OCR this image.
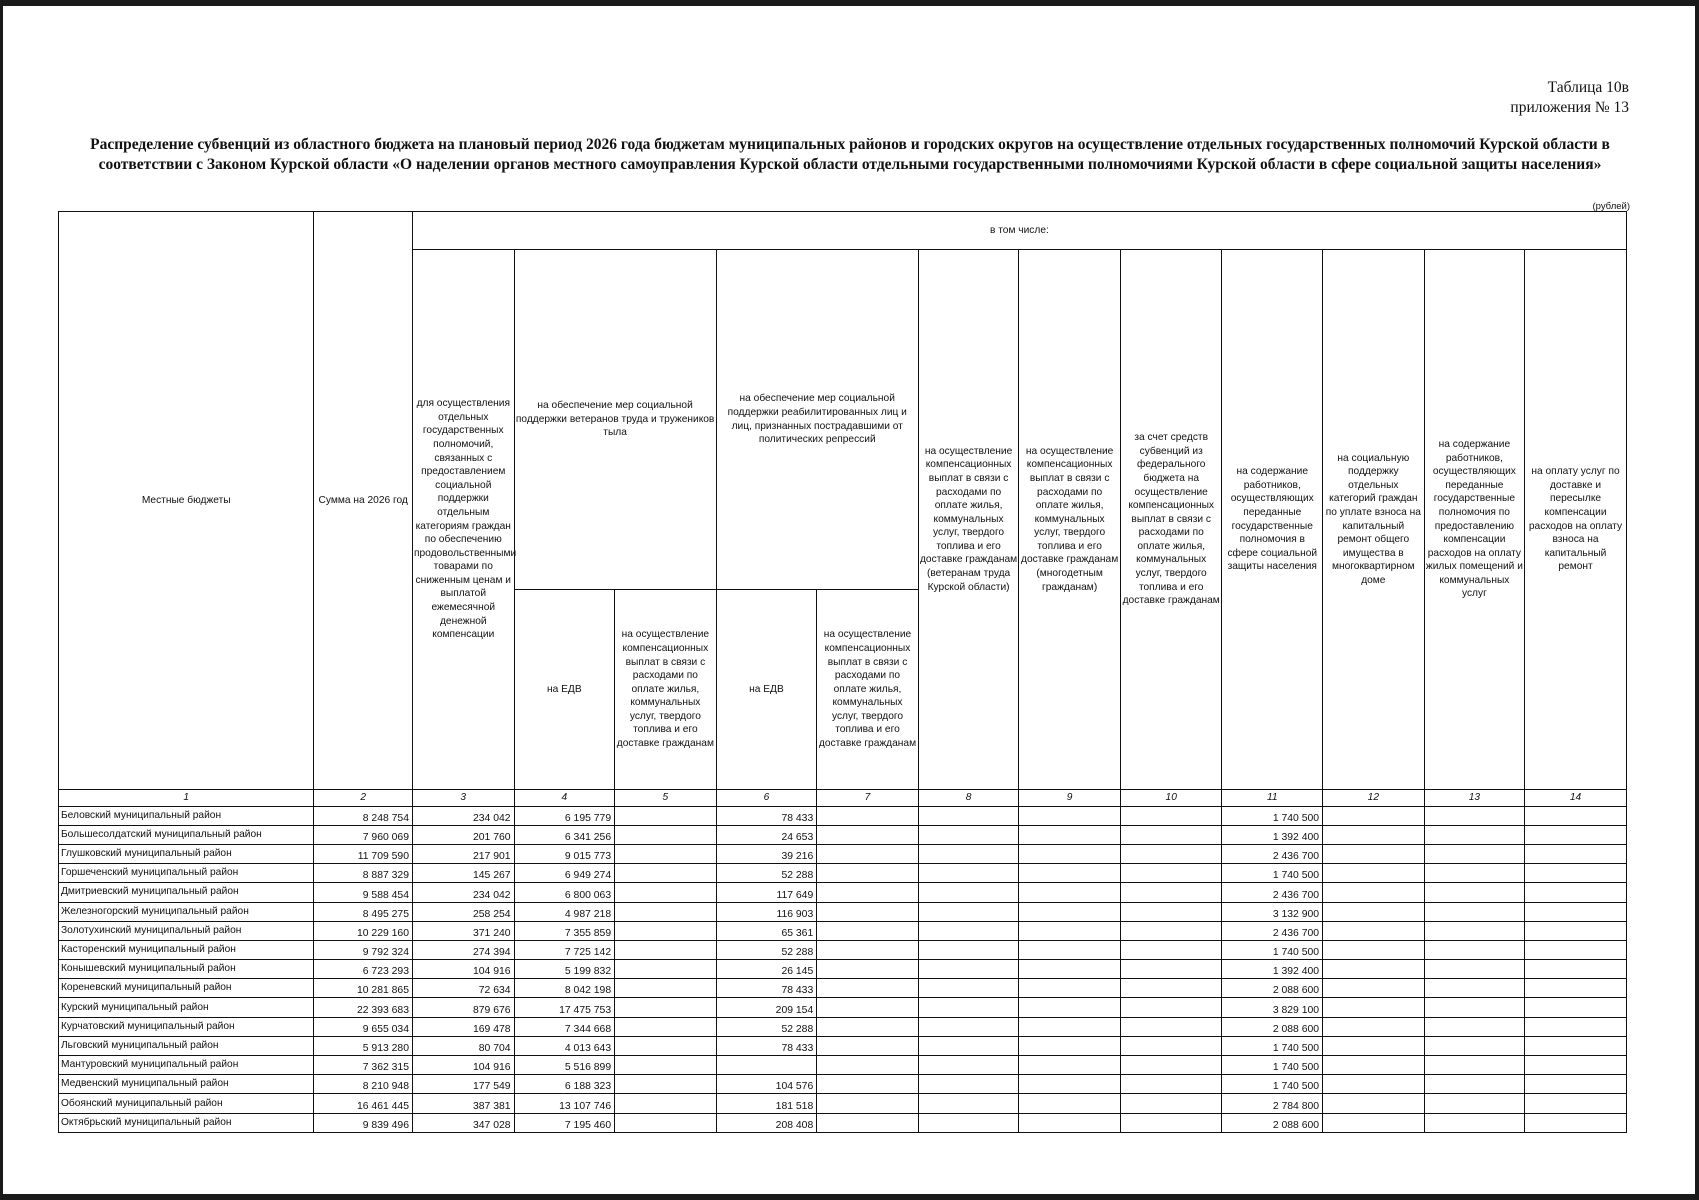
Таблица 10в
приложения № 13
Распределение субвенций из областного бюджета на плановый период 2026 года бюджетам муниципальных районов и городских округов на осуществление отдельных государственных полномочий Курской области в соответствии с Законом Курской области «О наделении органов местного самоуправления Курской области отдельными государственными полномочиями Курской области в сфере социальной защиты населения»
(рублей)
Местные бюджеты	Сумма на 2026 год	в том числе:											
		для осуществления отдельных государственных полномочий, связанных с предоставлением социальной поддержки отдельным категориям граждан по обеспечению продовольственными товарами по сниженным ценам и выплатой ежемесячной денежной компенсации	на обеспечение мер социальной поддержки ветеранов труда и тружеников тыла		на обеспечение мер социальной поддержки реабилитированных лиц и лиц, признанных пострадавшими от политических репрессий		на осуществление компенсационных выплат в связи с расходами по оплате жилья, коммунальных услуг, твердого топлива и его доставке гражданам (ветеранам труда Курской области)	на осуществление компенсационных выплат в связи с расходами по оплате жилья, коммунальных услуг, твердого топлива и его доставке гражданам (многодетным гражданам)	за счет средств субвенций из федерального бюджета на осуществление компенсационных выплат в связи с расходами по оплате жилья, коммунальных услуг, твердого топлива и его доставке гражданам	на содержание работников, осуществляющих переданные государственные полномочия в сфере социальной защиты населения	на социальную поддержку отдельных категорий граждан по уплате взноса на капитальный ремонт общего имущества в многоквартирном доме	на содержание работников, осуществляющих переданные государственные полномочия по предоставлению компенсации расходов на оплату жилых помещений и коммунальных услуг	на оплату услуг по доставке и пересылке компенсации расходов на оплату взноса на капитальный ремонт
			на ЕДВ	на осуществление компенсационных выплат в связи с расходами по оплате жилья, коммунальных услуг, твердого топлива и его доставке гражданам	на ЕДВ	на осуществление компенсационных выплат в связи с расходами по оплате жилья, коммунальных услуг, твердого топлива и его доставке гражданам							
1	2	3	4	5	6	7	8	9	10	11	12	13	14
Беловский муниципальный район	8 248 754	234 042	6 195 779		78 433					1 740 500			
Большесолдатский муниципальный район	7 960 069	201 760	6 341 256		24 653					1 392 400			
Глушковский муниципальный район	11 709 590	217 901	9 015 773		39 216					2 436 700			
Горшеченский муниципальный район	8 887 329	145 267	6 949 274		52 288					1 740 500			
Дмитриевский муниципальный район	9 588 454	234 042	6 800 063		117 649					2 436 700			
Железногорский муниципальный район	8 495 275	258 254	4 987 218		116 903					3 132 900			
Золотухинский муниципальный район	10 229 160	371 240	7 355 859		65 361					2 436 700			
Касторенский муниципальный район	9 792 324	274 394	7 725 142		52 288					1 740 500			
Конышевский муниципальный район	6 723 293	104 916	5 199 832		26 145					1 392 400			
Кореневский муниципальный район	10 281 865	72 634	8 042 198		78 433					2 088 600			
Курский муниципальный район	22 393 683	879 676	17 475 753		209 154					3 829 100			
Курчатовский муниципальный район	9 655 034	169 478	7 344 668		52 288					2 088 600			
Льговский муниципальный район	5 913 280	80 704	4 013 643		78 433					1 740 500			
Мантуровский муниципальный район	7 362 315	104 916	5 516 899							1 740 500			
Медвенский муниципальный район	8 210 948	177 549	6 188 323		104 576					1 740 500			
Обоянский муниципальный район	16 461 445	387 381	13 107 746		181 518					2 784 800			
Октябрьский муниципальный район	9 839 496	347 028	7 195 460		208 408					2 088 600			
